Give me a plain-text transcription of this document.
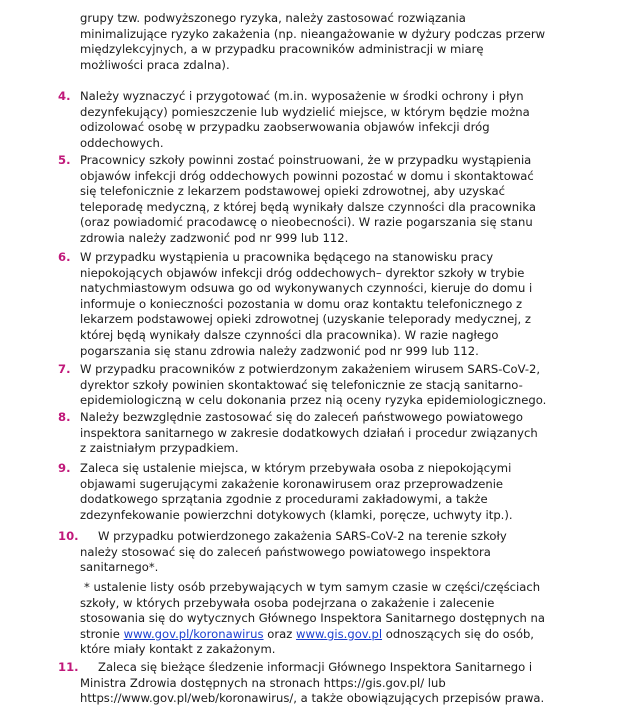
grupy tzw. podwyższonego ryzyka, należy zastosować rozwiązania
minimalizujące ryzyko zakażenia (np. nieangażowanie w dyżury podczas przerw
międzylekcyjnych, a w przypadku pracowników administracji w miarę
możliwości praca zdalna).
4. Należy wyznaczyć i przygotować (m.in. wyposażenie w środki ochrony i płyn
dezynfekujący) pomieszczenie lub wydzielić miejsce, w którym będzie można
odizolować osobę w przypadku zaobserwowania objawów infekcji dróg
oddechowych.
5. Pracownicy szkoły powinni zostać poinstruowani, że w przypadku wystąpienia
objawów infekcji dróg oddechowych powinni pozostać w domu i skontaktować
się telefonicznie z lekarzem podstawowej opieki zdrowotnej, aby uzyskać
teleporadę medyczną, z której będą wynikały dalsze czynności dla pracownika
(oraz powiadomić pracodawcę o nieobecności). W razie pogarszania się stanu
zdrowia należy zadzwonić pod nr 999 lub 112.
6. W przypadku wystąpienia u pracownika będącego na stanowisku pracy
niepokojących objawów infekcji dróg oddechowych– dyrektor szkoły w trybie
natychmiastowym odsuwa go od wykonywanych czynności, kieruje do domu i
informuje o konieczności pozostania w domu oraz kontaktu telefonicznego z
lekarzem podstawowej opieki zdrowotnej (uzyskanie teleporady medycznej, z
której będą wynikały dalsze czynności dla pracownika). W razie nagłego
pogarszania się stanu zdrowia należy zadzwonić pod nr 999 lub 112.
7. W przypadku pracowników z potwierdzonym zakażeniem wirusem SARS-CoV-2,
dyrektor szkoły powinien skontaktować się telefonicznie ze stacją sanitarno-
epidemiologiczną w celu dokonania przez nią oceny ryzyka epidemiologicznego.
8. Należy bezwzględnie zastosować się do zaleceń państwowego powiatowego
inspektora sanitarnego w zakresie dodatkowych działań i procedur związanych
z zaistniałym przypadkiem.
9. Zaleca się ustalenie miejsca, w którym przebywała osoba z niepokojącymi
objawami sugerującymi zakażenie koronawirusem oraz przeprowadzenie
dodatkowego sprzątania zgodnie z procedurami zakładowymi, a także
zdezynfekowanie powierzchni dotykowych (klamki, poręcze, uchwyty itp.).
10.	W przypadku potwierdzonego zakażenia SARS-CoV-2 na terenie szkoły
należy stosować się do zaleceń państwowego powiatowego inspektora
sanitarnego*.
* ustalenie listy osób przebywających w tym samym czasie w części/częściach
szkoły, w których przebywała osoba podejrzana o zakażenie i zalecenie
stosowania się do wytycznych Głównego Inspektora Sanitarnego dostępnych na
stronie www.gov.pl/koronawirus oraz www.gis.gov.pl odnoszących się do osób,
które miały kontakt z zakażonym.
11.	Zaleca się bieżące śledzenie informacji Głównego Inspektora Sanitarnego i
Ministra Zdrowia dostępnych na stronach https://gis.gov.pl/ lub
https://www.gov.pl/web/koronawirus/, a także obowiązujących przepisów prawa.
